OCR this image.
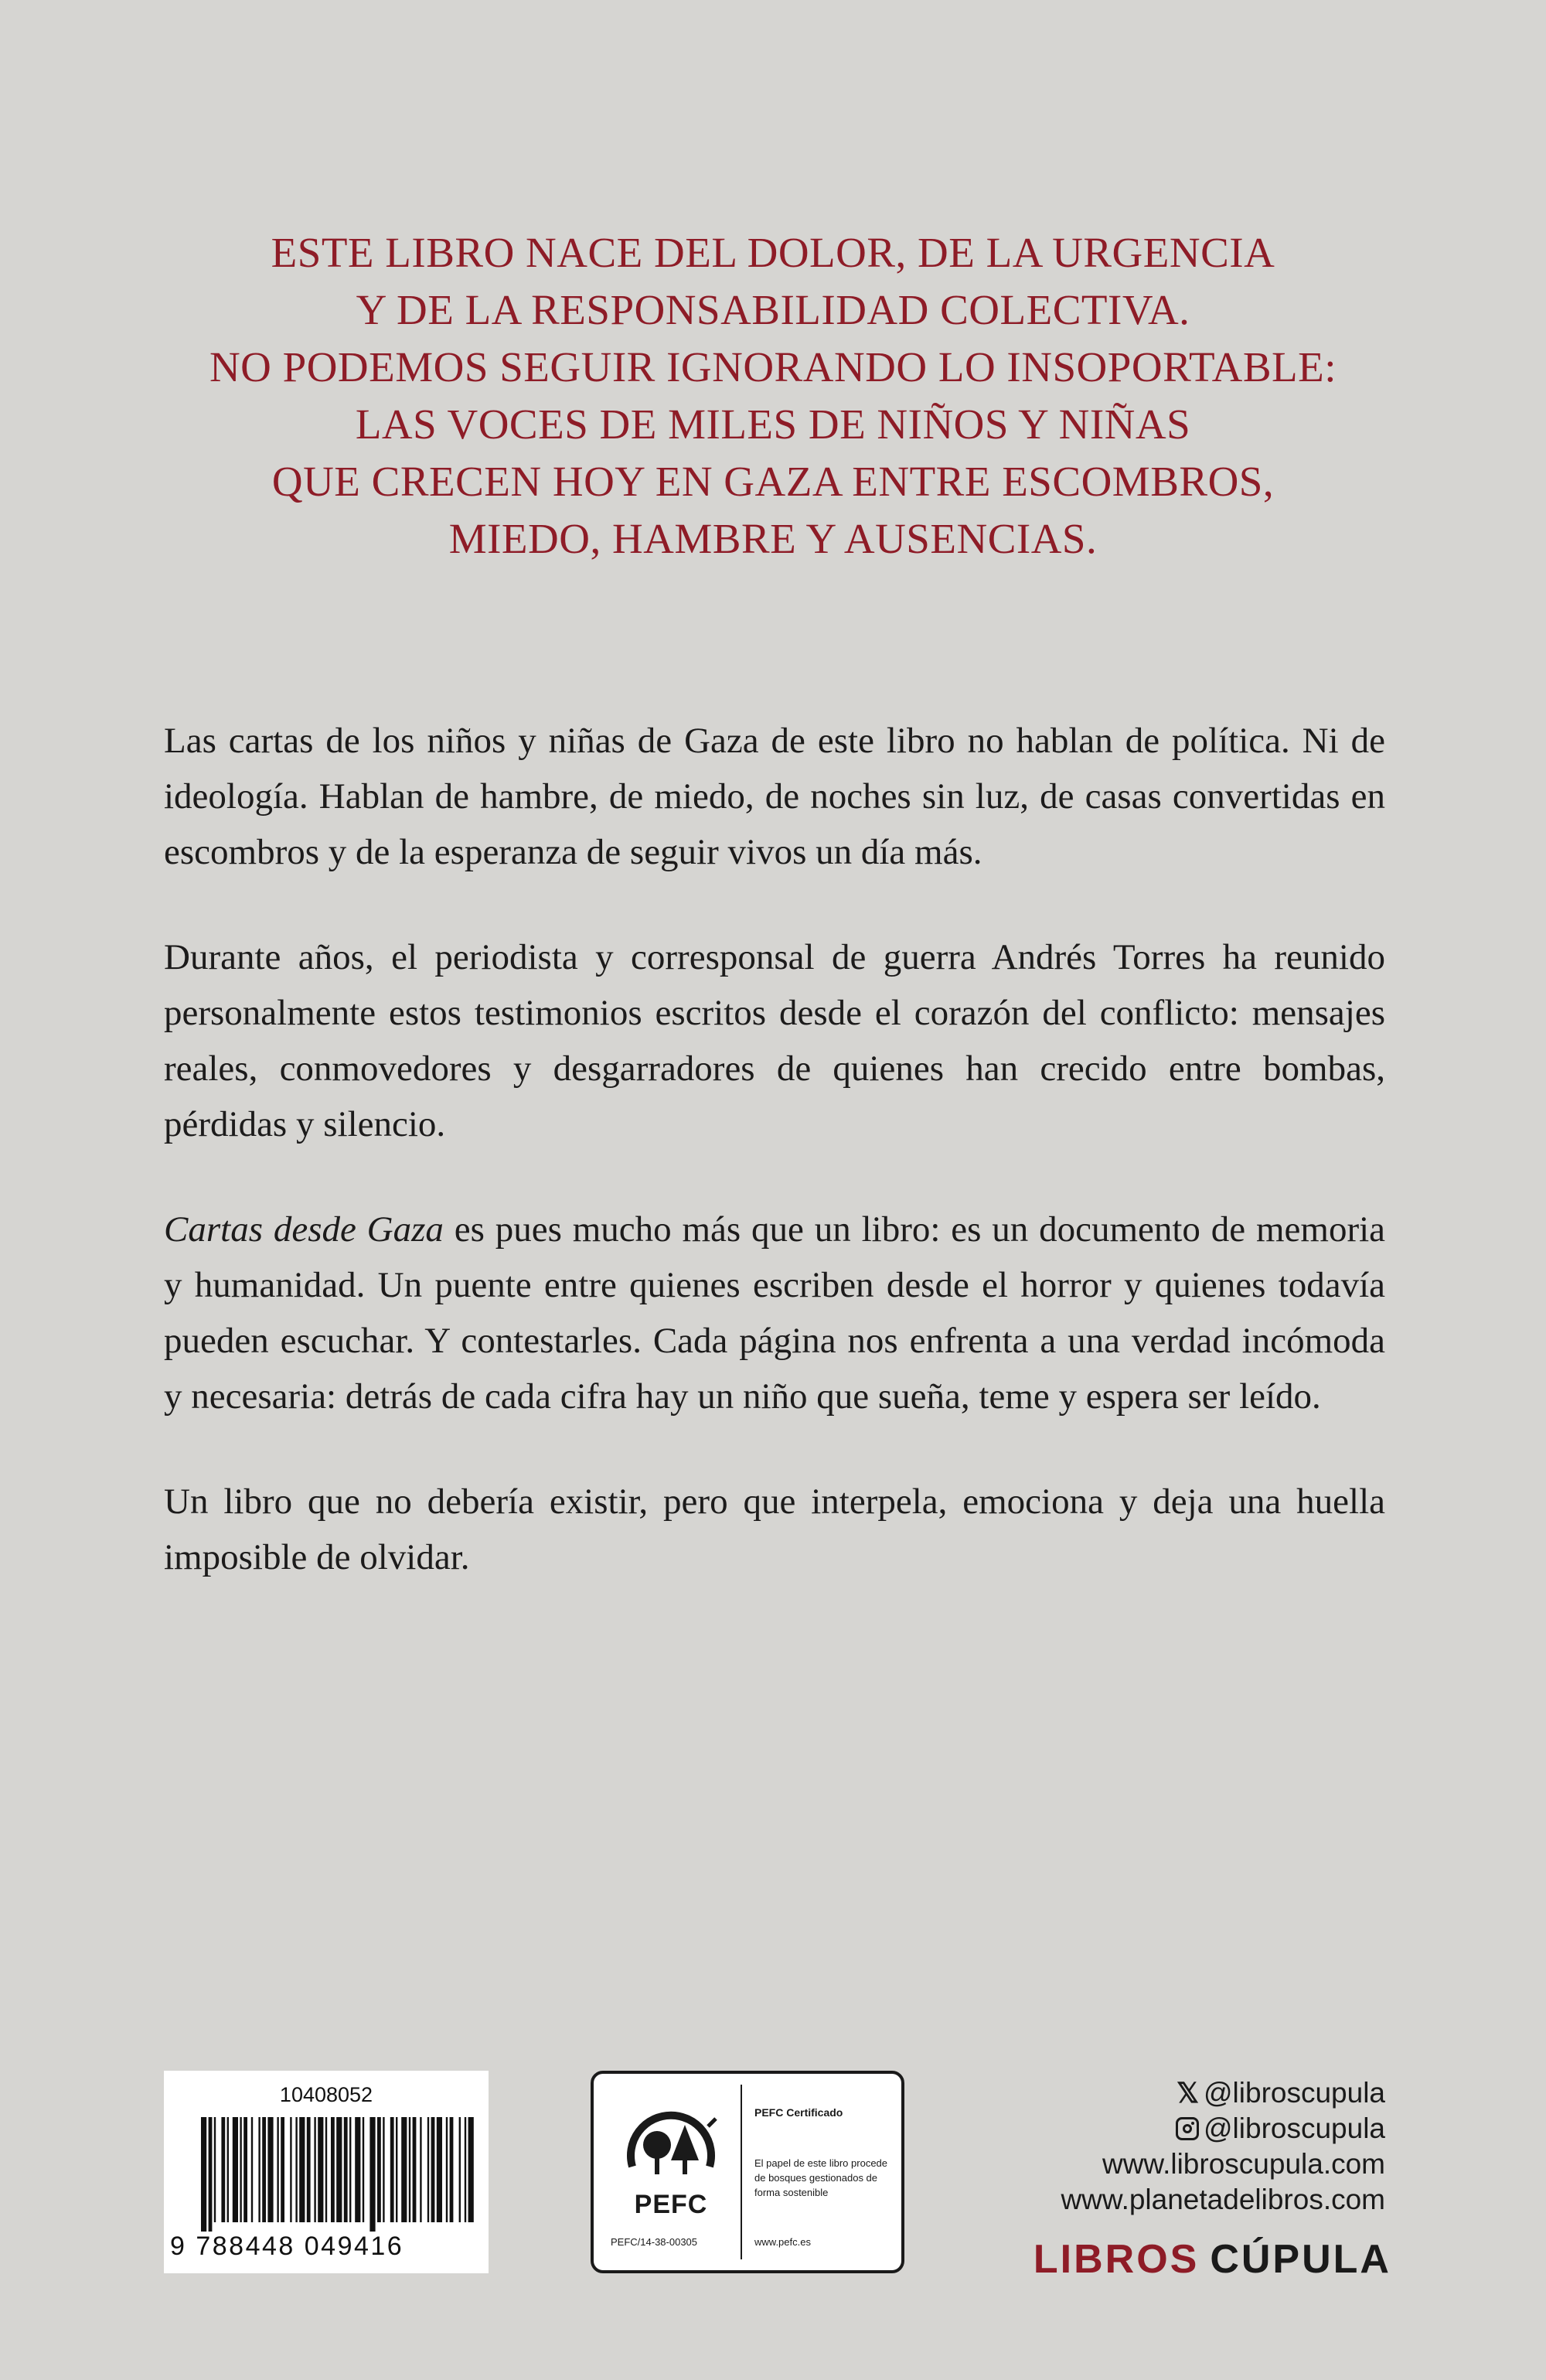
ESTE LIBRO NACE DEL DOLOR, DE LA URGENCIA
Y DE LA RESPONSABILIDAD COLECTIVA.
NO PODEMOS SEGUIR IGNORANDO LO INSOPORTABLE:
LAS VOCES DE MILES DE NIÑOS Y NIÑAS
QUE CRECEN HOY EN GAZA ENTRE ESCOMBROS,
MIEDO, HAMBRE Y AUSENCIAS.

Las cartas de los niños y niñas de Gaza de este libro no hablan de política. Ni de ideología. Hablan de hambre, de miedo, de noches sin luz, de casas convertidas en escombros y de la esperanza de seguir vivos un día más.

Durante años, el periodista y corresponsal de guerra Andrés Torres ha reunido personalmente estos testimonios escritos desde el corazón del conflicto: mensajes reales, conmovedores y desgarradores de quienes han crecido entre bombas, pérdidas y silencio.

Cartas desde Gaza es pues mucho más que un libro: es un documento de memoria y humanidad. Un puente entre quienes escriben desde el horror y quienes todavía pueden escuchar. Y contestarles. Cada página nos enfrenta a una verdad incómoda y necesaria: detrás de cada cifra hay un niño que sueña, teme y espera ser leído.

Un libro que no debería existir, pero que interpela, emociona y deja una huella imposible de olvidar.

10408052
9 788448 049416
PEFC
PEFC/14-38-00305
PEFC Certificado
El papel de este libro procede de bosques gestionados de forma sostenible
www.pefc.es
𝕏 @libroscupula
@libroscupula
www.libroscupula.com
www.planetadelibros.com
LIBROS CÚPULA
